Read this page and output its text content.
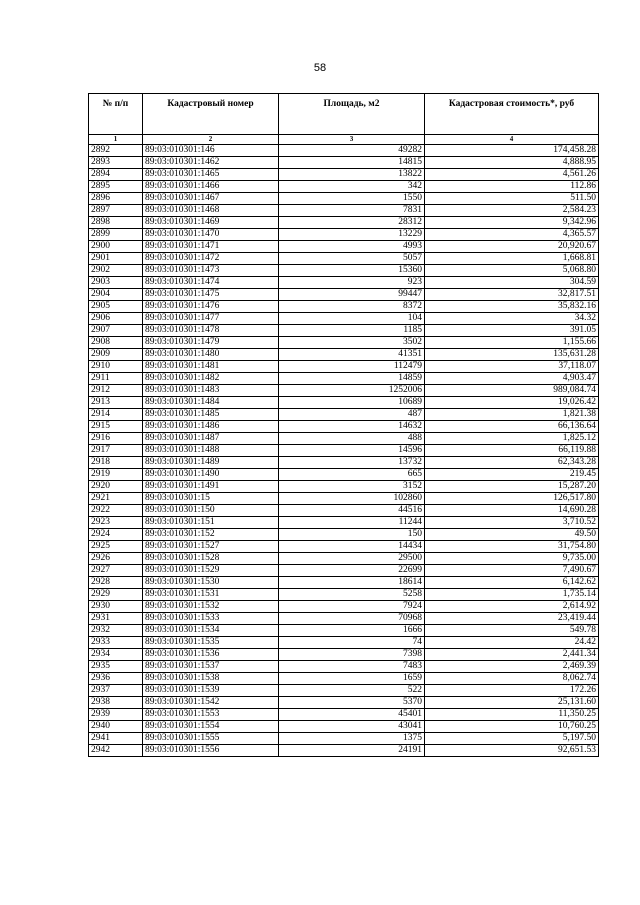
58
№ п/п	Кадастровый номер	Площадь, м2	Кадастровая стоимость*, руб
1	2	3	4
2892	89:03:010301:146	49282	174,458.28
2893	89:03:010301:1462	14815	4,888.95
2894	89:03:010301:1465	13822	4,561.26
2895	89:03:010301:1466	342	112.86
2896	89:03:010301:1467	1550	511.50
2897	89:03:010301:1468	7831	2,584.23
2898	89:03:010301:1469	28312	9,342.96
2899	89:03:010301:1470	13229	4,365.57
2900	89:03:010301:1471	4993	20,920.67
2901	89:03:010301:1472	5057	1,668.81
2902	89:03:010301:1473	15360	5,068.80
2903	89:03:010301:1474	923	304.59
2904	89:03:010301:1475	99447	32,817.51
2905	89:03:010301:1476	8372	35,832.16
2906	89:03:010301:1477	104	34.32
2907	89:03:010301:1478	1185	391.05
2908	89:03:010301:1479	3502	1,155.66
2909	89:03:010301:1480	41351	135,631.28
2910	89:03:010301:1481	112479	37,118.07
2911	89:03:010301:1482	14859	4,903.47
2912	89:03:010301:1483	1252006	989,084.74
2913	89:03:010301:1484	10689	19,026.42
2914	89:03:010301:1485	487	1,821.38
2915	89:03:010301:1486	14632	66,136.64
2916	89:03:010301:1487	488	1,825.12
2917	89:03:010301:1488	14596	66,119.88
2918	89:03:010301:1489	13732	62,343.28
2919	89:03:010301:1490	665	219.45
2920	89:03:010301:1491	3152	15,287.20
2921	89:03:010301:15	102860	126,517.80
2922	89:03:010301:150	44516	14,690.28
2923	89:03:010301:151	11244	3,710.52
2924	89:03:010301:152	150	49.50
2925	89:03:010301:1527	14434	31,754.80
2926	89:03:010301:1528	29500	9,735.00
2927	89:03:010301:1529	22699	7,490.67
2928	89:03:010301:1530	18614	6,142.62
2929	89:03:010301:1531	5258	1,735.14
2930	89:03:010301:1532	7924	2,614.92
2931	89:03:010301:1533	70968	23,419.44
2932	89:03:010301:1534	1666	549.78
2933	89:03:010301:1535	74	24.42
2934	89:03:010301:1536	7398	2,441.34
2935	89:03:010301:1537	7483	2,469.39
2936	89:03:010301:1538	1659	8,062.74
2937	89:03:010301:1539	522	172.26
2938	89:03:010301:1542	5370	25,131.60
2939	89:03:010301:1553	45401	11,350.25
2940	89:03:010301:1554	43041	10,760.25
2941	89:03:010301:1555	1375	5,197.50
2942	89:03:010301:1556	24191	92,651.53
